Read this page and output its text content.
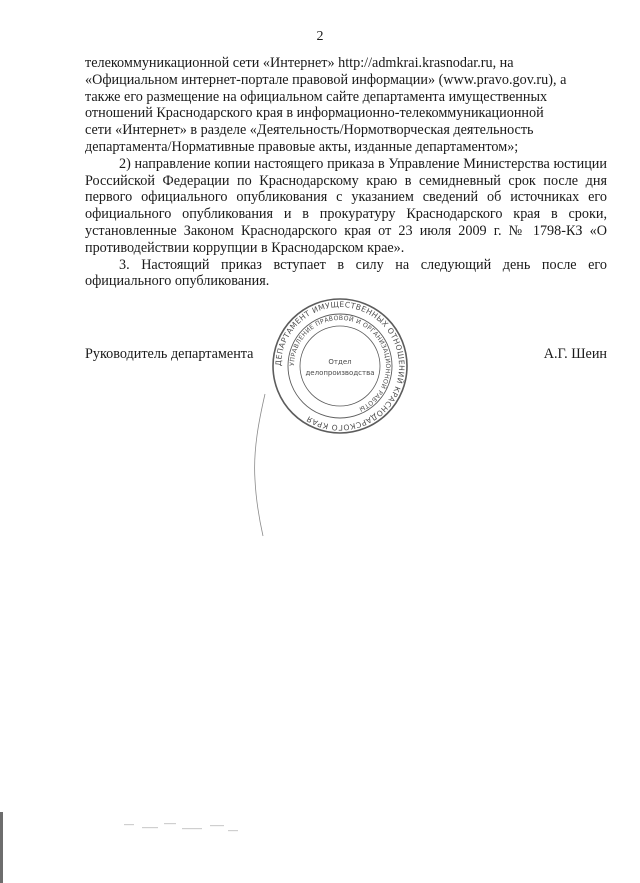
2
телекоммуникационной сети «Интернет» http://admkrai.krasnodar.ru, на
«Официальном интернет-портале правовой информации» (www.pravo.gov.ru), а
также его размещение на официальном сайте департамента имущественных
отношений Краснодарского края в информационно-телекоммуникационной
сети «Интернет» в разделе «Деятельность/Нормотворческая деятельность
департамента/Нормативные правовые акты, изданные департаментом»;

2) направление копии настоящего приказа в Управление Министерства юстиции Российской Федерации по Краснодарскому краю в семидневный срок после дня первого официального опубликования с указанием сведений об источниках его официального опубликования и в прокуратуру Краснодарского края в сроки, установленные Законом Краснодарского края от 23 июля 2009 г. № 1798-КЗ «О противодействии коррупции в Краснодарском крае».

3. Настоящий приказ вступает в силу на следующий день после его официального опубликования.

Руководитель департамента	А.Г. Шеин
ДЕПАРТАМЕНТ ИМУЩЕСТВЕННЫХ ОТНОШЕНИЙ КРАСНОДАРСКОГО КРАЯ
УПРАВЛЕНИЕ ПРАВОВОЙ И ОРГАНИЗАЦИОННОЙ РАБОТЫ
Отдел
делопроизводства
